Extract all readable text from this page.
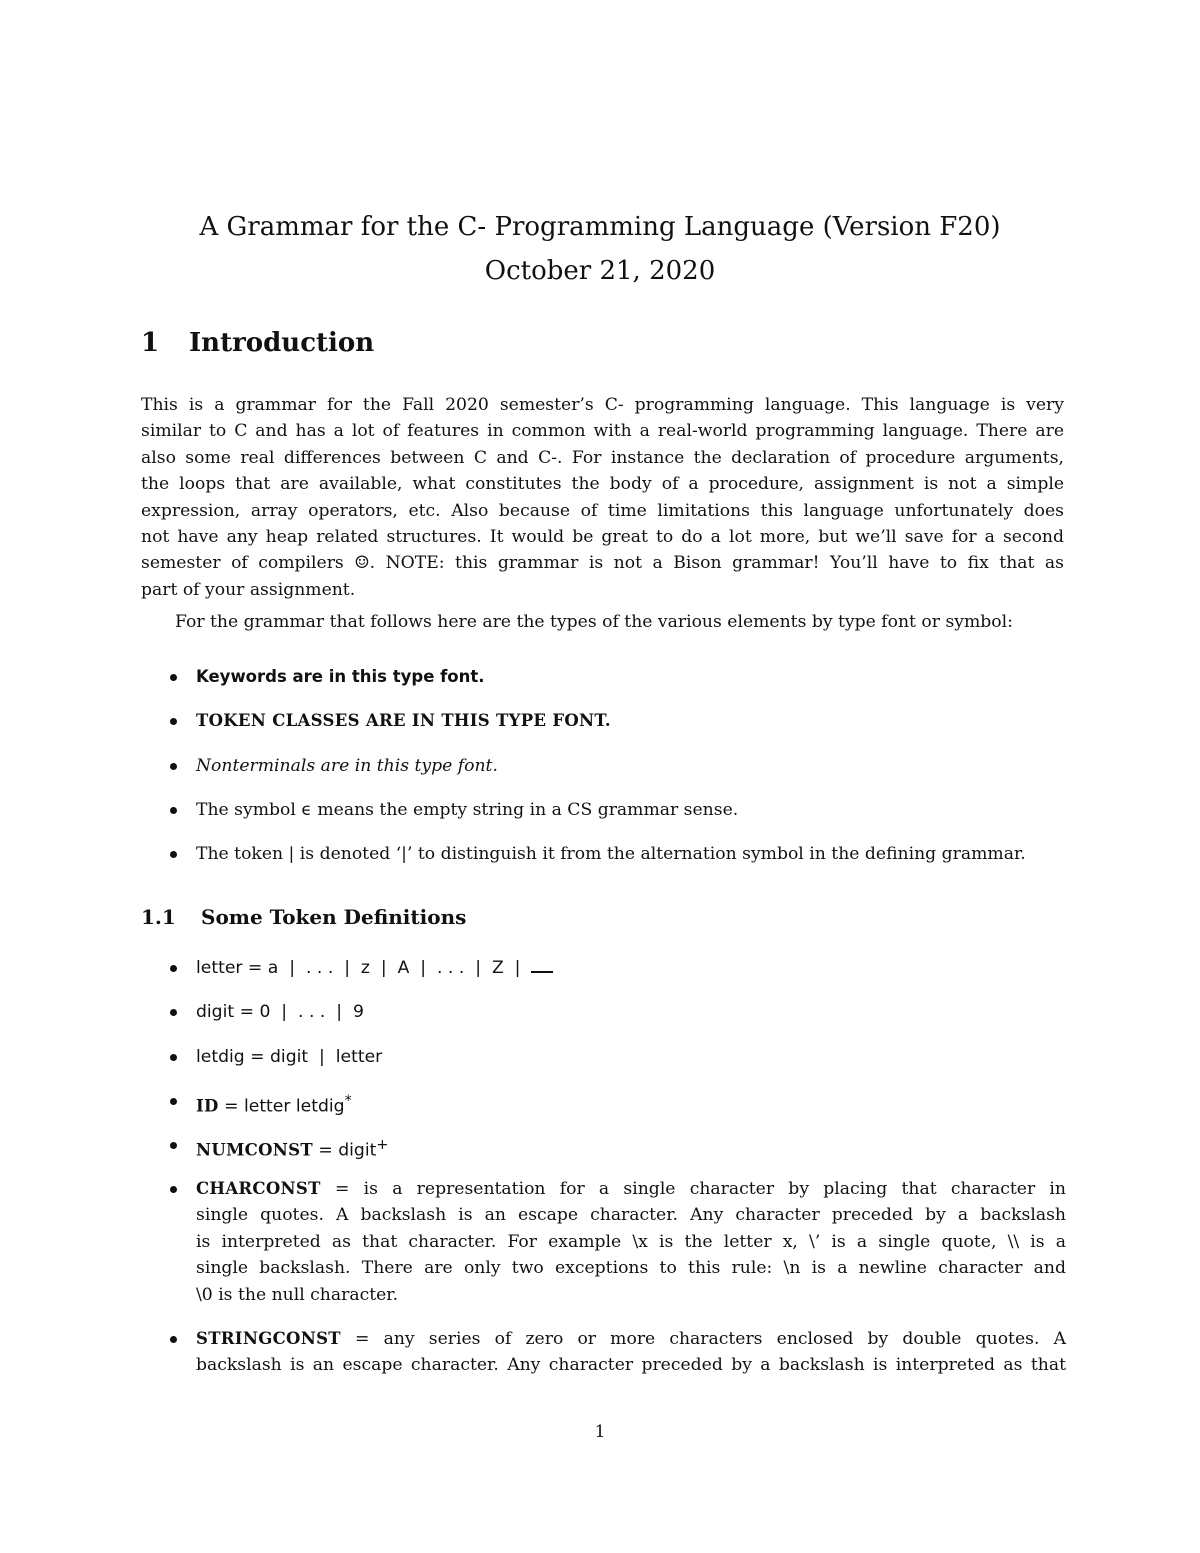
A Grammar for the C- Programming Language (Version F20)
October 21, 2020
1 Introduction
This is a grammar for the Fall 2020 semester’s C- programming language. This language is very
similar to C and has a lot of features in common with a real-world programming language. There are
also some real differences between C and C-. For instance the declaration of procedure arguments,
the loops that are available, what constitutes the body of a procedure, assignment is not a simple
expression, array operators, etc. Also because of time limitations this language unfortunately does
not have any heap related structures. It would be great to do a lot more, but we’ll save for a second
semester of compilers ☺. NOTE: this grammar is not a Bison grammar! You’ll have to fix that as
part of your assignment.
For the grammar that follows here are the types of the various elements by type font or symbol:
Keywords are in this type font.
TOKEN CLASSES ARE IN THIS TYPE FONT.
Nonterminals are in this type font.
The symbol ϵ means the empty string in a CS grammar sense.
The token | is denoted ‘|’ to distinguish it from the alternation symbol in the defining grammar.
1.1 Some Token Definitions
letter = a  |  . . .  |  z  |  A  |  . . .  |  Z  |
digit = 0  |  . . .  |  9
letdig = digit  |  letter
ID = letter letdig*
NUMCONST = digit+
CHARCONST = is a representation for a single character by placing that character in
single quotes. A backslash is an escape character. Any character preceded by a backslash
is interpreted as that character. For example \x is the letter x, \’ is a single quote, \\ is a
single backslash. There are only two exceptions to this rule: \n is a newline character and
\0 is the null character.
STRINGCONST = any series of zero or more characters enclosed by double quotes. A
backslash is an escape character. Any character preceded by a backslash is interpreted as that
1
